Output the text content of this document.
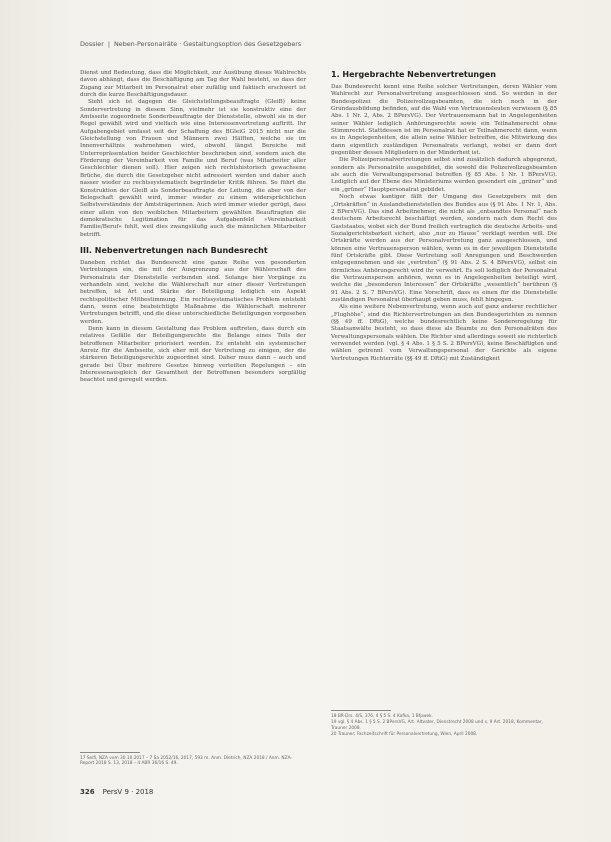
Dossier | Neben-Personalräte · Gestaltungsoption des Gesetzgebers

Dienst und Bedeutung, dass die Möglichkeit, zur Ausübung dieses Wahlrechts davon abhängt, dass die Beschäftigung am Tag der Wahl besteht, so dass der Zugang zur Mitarbeit im Personalrat eher zufällig und faktisch erschwert ist durch die kurze Beschäftigungsdauer.

Sieht sich ist dagegen die Gleichstellungsbeauftragte (GleiB) keine Sondervertretung in diesem Sinn, vielmehr ist sie konstruktiv eine der Amtsseite zugeordnete Sonderbeauftragte der Dienststelle, obwohl sie in der Regel gewählt wird und vielfach wie eine Interessenvertretung auftritt. Ihr Aufgabengebiet umfasst seit der Schaffung des BGleiG 2015 nicht nur die Gleichstellung von Frauen und Männern zwei Hälften, welche sie im Innenverhältnis wahrnehmen wird, obwohl längst Bereiche mit Unterrepräsentation beider Geschlechter beschrieben sind, sondern auch die Förderung der Vereinbarkeit von Familie und Beruf (was Mitarbeiter aller Geschlechter dienen soll). Hier zeigen sich rechtshistorisch gewachsene Brüche, die durch die Gesetzgeber nicht adressiert werden und daher auch nasser wieder zu rechtssystematisch begründeter Kritik führen. So führt die Konstruktion der GleiB als Sonderbeauftragte der Leitung, die aber von der Belegschaft gewählt wird, immer wieder zu einem widersprüchlichen Selbstverständnis der Amtsträgerinnen. Auch wird immer wieder gerügt, dass einer allein von den weiblichen Mitarbeitern gewählten Beauftragten die demokratische Legitimation für das Aufgabenfeld »Vereinbarkeit Familie/Beruf« fehlt, weil dies zwangsläufig auch die männlichen Mitarbeiter betrifft.

III. Nebenvertretungen nach Bundesrecht

Daneben richtet das Bundesrecht eine ganze Reihe von gesonderten Vertretungen ein, die mit der Ausgrenzung aus der Wählerschaft des Personalrats der Dienststelle verbunden sind. Solange hier Vorgänge zu verhandeln sind, welche die Wählerschaft nur einer dieser Vertretungen betreffen, ist Art und Stärke der Beteiligung lediglich ein Aspekt rechtspolitischer Mitbestimmung. Ein rechtssystematisches Problem entsteht dann, wenn eine beabsichtigte Maßnahme die Wählerschaft mehrerer Vertretungen betrifft, und die diese unterschiedliche Beteiligungen vorgesehen werden.

Denn kann in diesem Gestaltung das Problem auftreten, dass durch ein relatives Gefälle der Beteiligungsrechte die Belange eines Teils der betroffenen Mitarbeiter priorisiert werden. Es entsteht ein systemischer Anreiz für die Amtsseite, sich eher mit der Vertretung zu einigen, der die stärkeren Beteiligungsrechte zugeordnet sind. Daher muss dann – auch und gerade bei Über mehrere Gesetze hinweg verteilten Regelungen – ein Interessenausgleich der Gesamtheit der Betroffenen besonders sorgfältig beachtet und geregelt werden.

1. Hergebrachte Nebenvertretungen

Das Bundesrecht kennt eine Reihe solcher Vertretungen, deren Wähler vom Wahlrecht zur Personalvertretung ausgeschlossen sind. So werden in der Bundespolizei die Polizeivollzugsbeamten, die sich noch in der Grundausbildung befinden, auf die Wahl von Vertrauensleuten verwiesen (§ 85 Abs. 1 Nr. 2, Abs. 2 BPersVG). Der Vertrauensmann hat in Angelegenheiten seiner Wähler lediglich Anhörungsrechte sowie ein Teilnahmerecht ohne Stimmrecht. Stattdessen ist im Personalrat hat er Teilnahmerecht dann, wenn es in Angelegenheiten, die allein seine Wähler betreffen, die Mitwirkung des dann eigentlich zuständigen Personalrats verlangt, wobei er dann dort gegenüber dessen Mitgliedern in der Minderheit ist.

Die Polizeipersonalvertretungen selbst sind zusätzlich dadurch abgegrenzt, sondern als Personalräte ausgebildet, die sowohl die Polizeivollzugsbeamten als auch die Verwaltungspersonal betreffen (§ 85 Abs. 1 Nr. 1 BPersVG). Lediglich auf der Ebene des Ministeriums werden gesondert ein „grüner“ und ein „grüner“ Hauptpersonalrat gebildet.

Noch etwas kantiger fällt der Umgang des Gesetzgebers mit den „Ortskräften“ in Auslandsdienststellen des Bundes aus (§ 91 Abs. 1 Nr. 1, Abs. 2 BPersVG). Das sind Arbeitnehmer, die nicht als „entsandtes Personal“ nach deutschem Arbeitsrecht beschäftigt werden, sondern nach dem Recht des Gaststaates, wobei sich der Bund freilich vertraglich die deutsche Arbeits- und Sozialgerichtsbarkeit sichert, also „nur zu Hause“ verklagt werden will. Die Ortskräfte werden aus der Personalvertretung ganz ausgeschlossen, und können eine Vertrauensperson wählen, wenn es in der jeweiligen Dienststelle fünf Ortskräfte gibt. Diese Vertretung soll Anregungen und Beschwerden entgegennehmen und sie „vertreten“ (§ 91 Abs. 2 S. 4 BPersVG), selbst ein förmliches Anhörungsrecht wird ihr verwehrt. Es soll lediglich der Personalrat die Vertrauensperson anhören, wenn es in Angelegenheiten beteiligt wird, welche die „besonderen Interessen“ der Ortskräfte „wesentlich“ berühren (§ 91 Abs. 2 S. 7 BPersVG). Eine Vorschrift, dass es einen für die Dienststelle zuständigen Personalrat überhaupt geben muss, fehlt hingegen.

Als eine weitere Nebenvertretung, wenn auch auf ganz anderer rechtlicher „Flughöhe“, sind die Richtervertretungen an den Bundesgerichten zu nennen (§§ 49 ff. DRiG), welche bundesrechtlich keine Sondereregelung für Staatsanwälte besteht, so dass diese als Beamte zu den Personalräten des Verwaltungspersonals wählen. Die Richter sind allerdings soweit sie richterlich verwendet werden (vgl. § 4 Abs. 1 § 5 S. 2 BPersVG), keine Beschäftigten und wählen getrennt vom Verwaltungspersonal der Gerichte als eigene Vertretungen Richterräte (§§ 49 ff. DRiG) mit Zuständigkeit

17 Seifi, NZA vom 30.10.2017 – 7 Sa 2052/16, 2017, 593 m. Anm. Dietrich, NZA 2018 / Anm. NZA-Report 2018 S. 13, 2018 – 4 ABR 36/16 S. 49.

18 BR-Drs. 4/S, 376, 4 § 5 S. 4 Kafka, 1 Bfpwek.

19 vgl. § 4 Abs. 1 § 5 S. 2 BPersVG, Art. Altvater, Dienstrecht 2008 und s. 9 Art. 2018, Kommentar, Trauner 2008.

20 Trauner, Fachzeitschrift für Personalvertretung, Wien, April 2008.

326 PersV 9 · 2018
